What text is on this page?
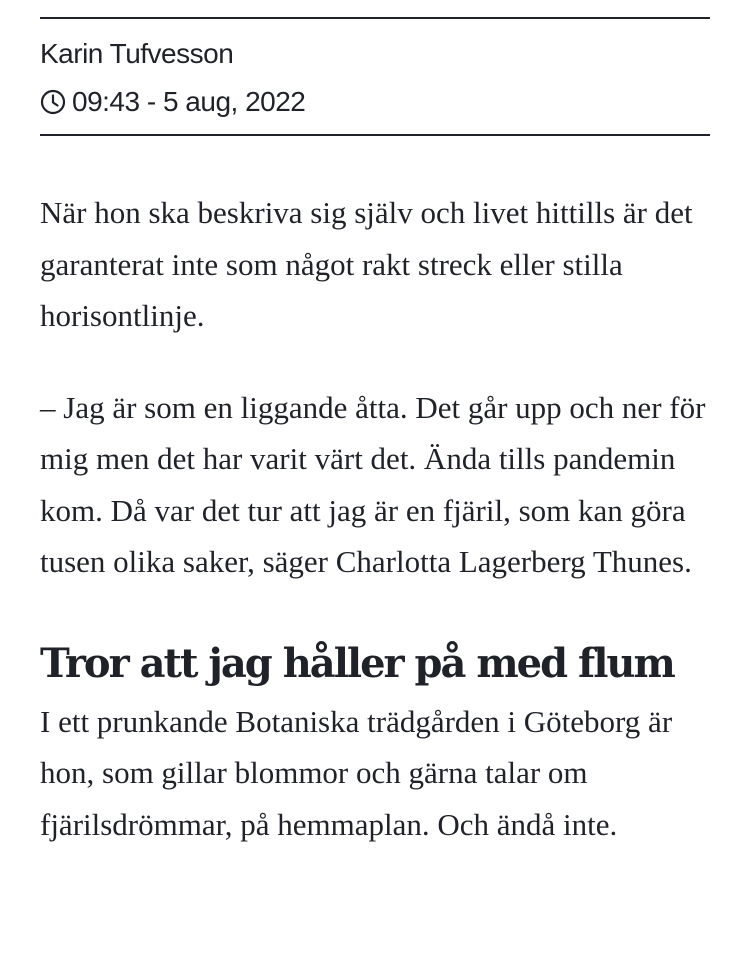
Karin Tufvesson
09:43 - 5 aug, 2022

När hon ska beskriva sig själv och livet hittills är det garanterat inte som något rakt streck eller stilla horisontlinje.

– Jag är som en liggande åtta. Det går upp och ner för mig men det har varit värt det. Ända tills pandemin kom. Då var det tur att jag är en fjäril, som kan göra tusen olika saker, säger Charlotta Lagerberg Thunes.

Tror att jag håller på med flum

I ett prunkande Botaniska trädgården i Göteborg är hon, som gillar blommor och gärna talar om fjärilsdrömmar, på hemmaplan. Och ändå inte.
